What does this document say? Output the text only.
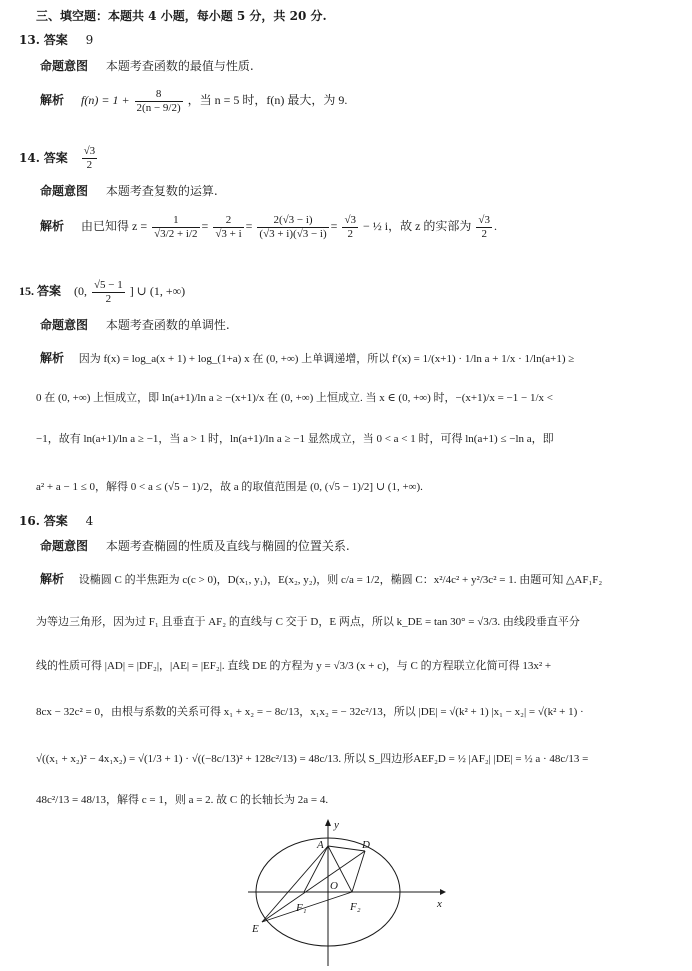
三、填空题：本题共 4 小题，每小题 5 分，共 20 分.
13. 答案 9
命题意图 本题考查函数的最值与性质.
解析 $f(n) = 1 + \frac{8}{2(n - 9/2)}$ ，当 n = 5 时，f(n) 最大，为 9.
14. 答案 $\frac{√3}{2}$
命题意图 本题考查复数的运算.
解析 由已知得 $z = \frac{1}{√3/2 + i/2} = \frac{2}{√3 + i} = \frac{2(√3 - i)}{(√3 + i)(√3 - i)} = \frac{√3}{2}$ − ½ i，故 z 的实部为 $\frac{√3}{2}$ .
15. 答案 (0, $\frac{√5 - 1}{2}$ ] ∪ (1, +∞)
命题意图 本题考查函数的单调性.
解析 因为 f(x) = log_a(x + 1) + log_(1+a) x 在 (0, +∞) 上单调递增，所以 f′(x) = 1/(x+1) · 1/ln a + 1/x · 1/ln(a+1) ≥
0 在 (0, +∞) 上恒成立，即 ln(a+1)/ln a ≥ −(x+1)/x 在 (0, +∞) 上恒成立. 当 x ∈ (0, +∞) 时，−(x+1)/x = −1 − 1/x <
−1，故有 ln(a+1)/ln a ≥ −1，当 a > 1 时，ln(a+1)/ln a ≥ −1 显然成立，当 0 < a < 1 时，可得 ln(a+1) ≤ −ln a，即
a² + a − 1 ≤ 0，解得 0 < a ≤ (√5 − 1)/2，故 a 的取值范围是 (0, (√5 − 1)/2] ∪ (1, +∞).
16. 答案 4
命题意图 本题考查椭圆的性质及直线与椭圆的位置关系.
解析 设椭圆 C 的半焦距为 c(c > 0)，D(x₁, y₁)，E(x₂, y₂)，则 c/a = 1/2，椭圆 C：x²/4c² + y²/3c² = 1. 由题可知 △AF₁F₂
为等边三角形，因为过 F₁ 且垂直于 AF₂ 的直线与 C 交于 D，E 两点，所以 k_DE = tan 30° = √3/3. 由线段垂直平分
线的性质可得 |AD| = |DF₂|，|AE| = |EF₂|. 直线 DE 的方程为 y = √3/3 (x + c)，与 C 的方程联立化简可得 13x² +
8cx − 32c² = 0，由根与系数的关系可得 x₁ + x₂ = − 8c/13，x₁x₂ = − 32c²/13，所以 |DE| = √(k² + 1) |x₁ − x₂| = √(k² + 1) ·
√((x₁ + x₂)² − 4x₁x₂) = √(1/3 + 1) · √((−8c/13)² + 128c²/13) = 48c/13. 所以 S_四边形AEF₂D = ½ |AF₂| |DE| = ½ a · 48c/13 =
48c²/13 = 48/13，解得 c = 1，则 a = 2. 故 C 的长轴长为 2a = 4.
y
x
A	D
O
F₁	F₂
E
